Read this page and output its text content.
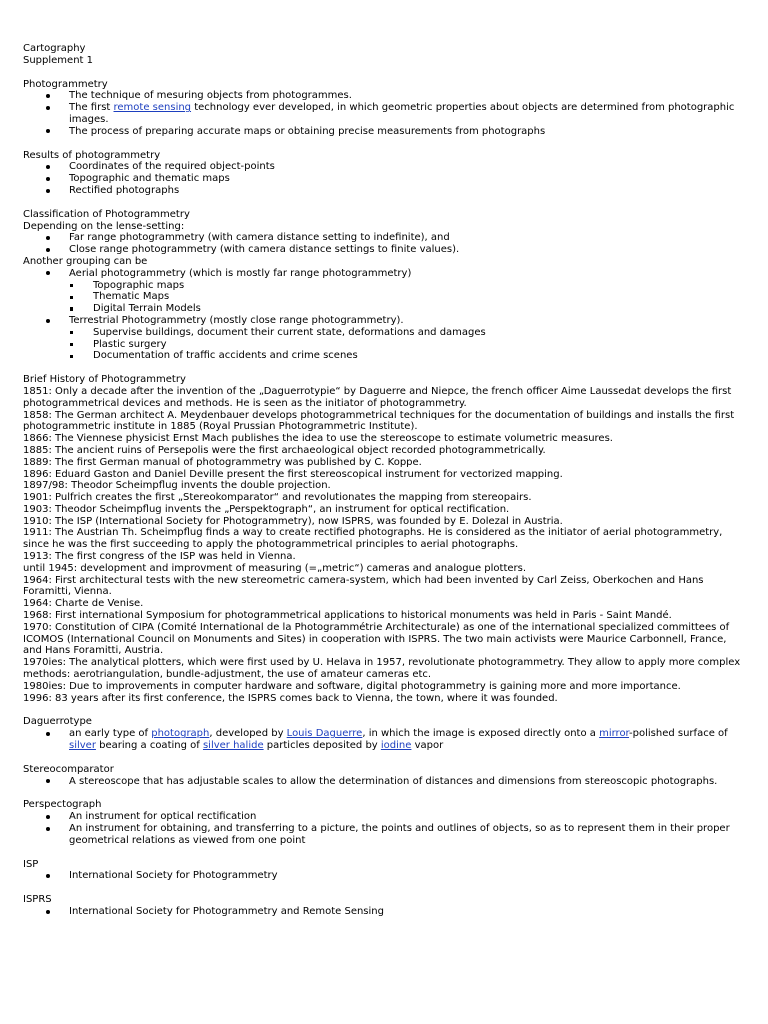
Cartography

Supplement 1

Photogrammetry

The technique of mesuring objects from photogrammes.
The first remote sensing technology ever developed, in which geometric properties about objects are determined from photographic images.
The process of preparing accurate maps or obtaining precise measurements from photographs

Results of photogrammetry

Coordinates of the required object-points
Topographic and thematic maps
Rectified photographs

Classification of Photogrammetry

Depending on the lense-setting:

Far range photogrammetry (with camera distance setting to indefinite), and
Close range photogrammetry (with camera distance settings to finite values).

Another grouping can be

Aerial photogrammetry (which is mostly far range photogrammetry)
Topographic maps
Thematic Maps
Digital Terrain Models
Terrestrial Photogrammetry (mostly close range photogrammetry).
Supervise buildings, document their current state, deformations and damages
Plastic surgery
Documentation of traffic accidents and crime scenes

Brief History of Photogrammetry

1851: Only a decade after the invention of the „Daguerrotypie“ by Daguerre and Niepce, the french officer Aime Laussedat develops the first photogrammetrical devices and methods. He is seen as the initiator of photogrammetry.

1858: The German architect A. Meydenbauer develops photogrammetrical techniques for the documentation of buildings and installs the first photogrammetric institute in 1885 (Royal Prussian Photogrammetric Institute).

1866: The Viennese physicist Ernst Mach publishes the idea to use the stereoscope to estimate volumetric measures.

1885: The ancient ruins of Persepolis were the first archaeological object recorded photogrammetrically.

1889: The first German manual of photogrammetry was published by C. Koppe.

1896: Eduard Gaston and Daniel Deville present the first stereoscopical instrument for vectorized mapping.

1897/98: Theodor Scheimpflug invents the double projection.

1901: Pulfrich creates the first „Stereokomparator“ and revolutionates the mapping from stereopairs.

1903: Theodor Scheimpflug invents the „Perspektograph“, an instrument for optical rectification.

1910: The ISP (International Society for Photogrammetry), now ISPRS, was founded by E. Dolezal in Austria.

1911: The Austrian Th. Scheimpflug finds a way to create rectified photographs. He is considered as the initiator of aerial photogrammetry, since he was the first succeeding to apply the photogrammetrical principles to aerial photographs.

1913: The first congress of the ISP was held in Vienna.

until 1945: development and improvment of measuring (=„metric“) cameras and analogue plotters.

1964: First architectural tests with the new stereometric camera-system, which had been invented by Carl Zeiss, Oberkochen and Hans Foramitti, Vienna.

1964: Charte de Venise.

1968: First international Symposium for photogrammetrical applications to historical monuments was held in Paris - Saint Mandé.

1970: Constitution of CIPA (Comité International de la Photogrammétrie Architecturale) as one of the international specialized committees of ICOMOS (International Council on Monuments and Sites) in cooperation with ISPRS. The two main activists were Maurice Carbonnell, France, and Hans Foramitti, Austria.

1970ies: The analytical plotters, which were first used by U. Helava in 1957, revolutionate photogrammetry. They allow to apply more complex methods: aerotriangulation, bundle-adjustment, the use of amateur cameras etc.

1980ies: Due to improvements in computer hardware and software, digital photogrammetry is gaining more and more importance.

1996: 83 years after its first conference, the ISPRS comes back to Vienna, the town, where it was founded.

Daguerrotype

an early type of photograph, developed by Louis Daguerre, in which the image is exposed directly onto a mirror-polished surface of silver bearing a coating of silver halide particles deposited by iodine vapor

Stereocomparator

A stereoscope that has adjustable scales to allow the determination of distances and dimensions from stereoscopic photographs.

Perspectograph

An instrument for optical rectification
An instrument for obtaining, and transferring to a picture, the points and outlines of objects, so as to represent them in their proper geometrical relations as viewed from one point

ISP

International Society for Photogrammetry

ISPRS

International Society for Photogrammetry and Remote Sensing
